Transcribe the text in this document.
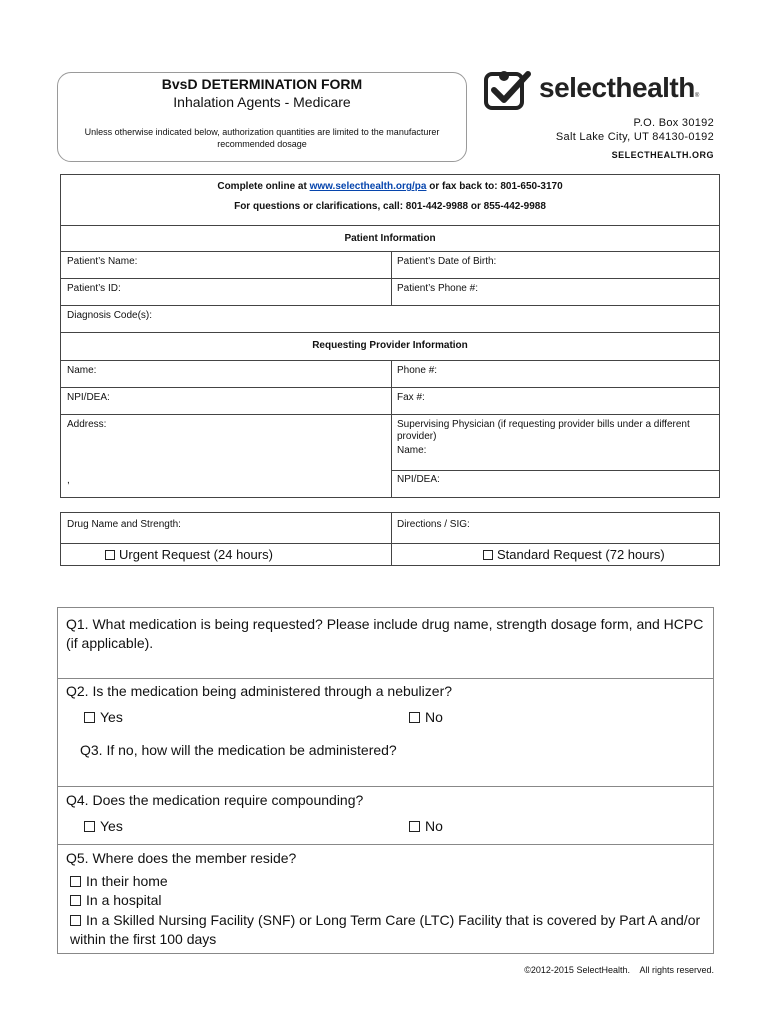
BvsD DETERMINATION FORM
Inhalation Agents - Medicare
Unless otherwise indicated below, authorization quantities are limited to the manufacturer recommended dosage
selecthealth®
P.O. Box 30192
Salt Lake City, UT 84130-0192
SELECTHEALTH.ORG
Complete online at www.selecthealth.org/pa or fax back to: 801-650-3170
For questions or clarifications, call: 801-442-9988 or 855-442-9988
Patient Information
Patient’s Name:	Patient’s Date of Birth:
Patient’s ID:	Patient’s Phone #:
Diagnosis Code(s):
Requesting Provider Information
Name:	Phone #:
NPI/DEA:	Fax #:
Address:
,
Supervising Physician (if requesting provider bills under a different provider)
Name:
NPI/DEA:
Drug Name and Strength:	Directions / SIG:
Urgent Request (24 hours)	Standard Request (72 hours)
Q1. What medication is being requested? Please include drug name, strength dosage form, and HCPC (if applicable).
Q2. Is the medication being administered through a nebulizer?
Yes	No
Q3. If no, how will the medication be administered?
Q4. Does the medication require compounding?
Yes	No
Q5. Where does the member reside?
In their home
In a hospital
In a Skilled Nursing Facility (SNF) or Long Term Care (LTC) Facility that is covered by Part A and/or within the first 100 days
©2012-2015 SelectHealth.    All rights reserved.
